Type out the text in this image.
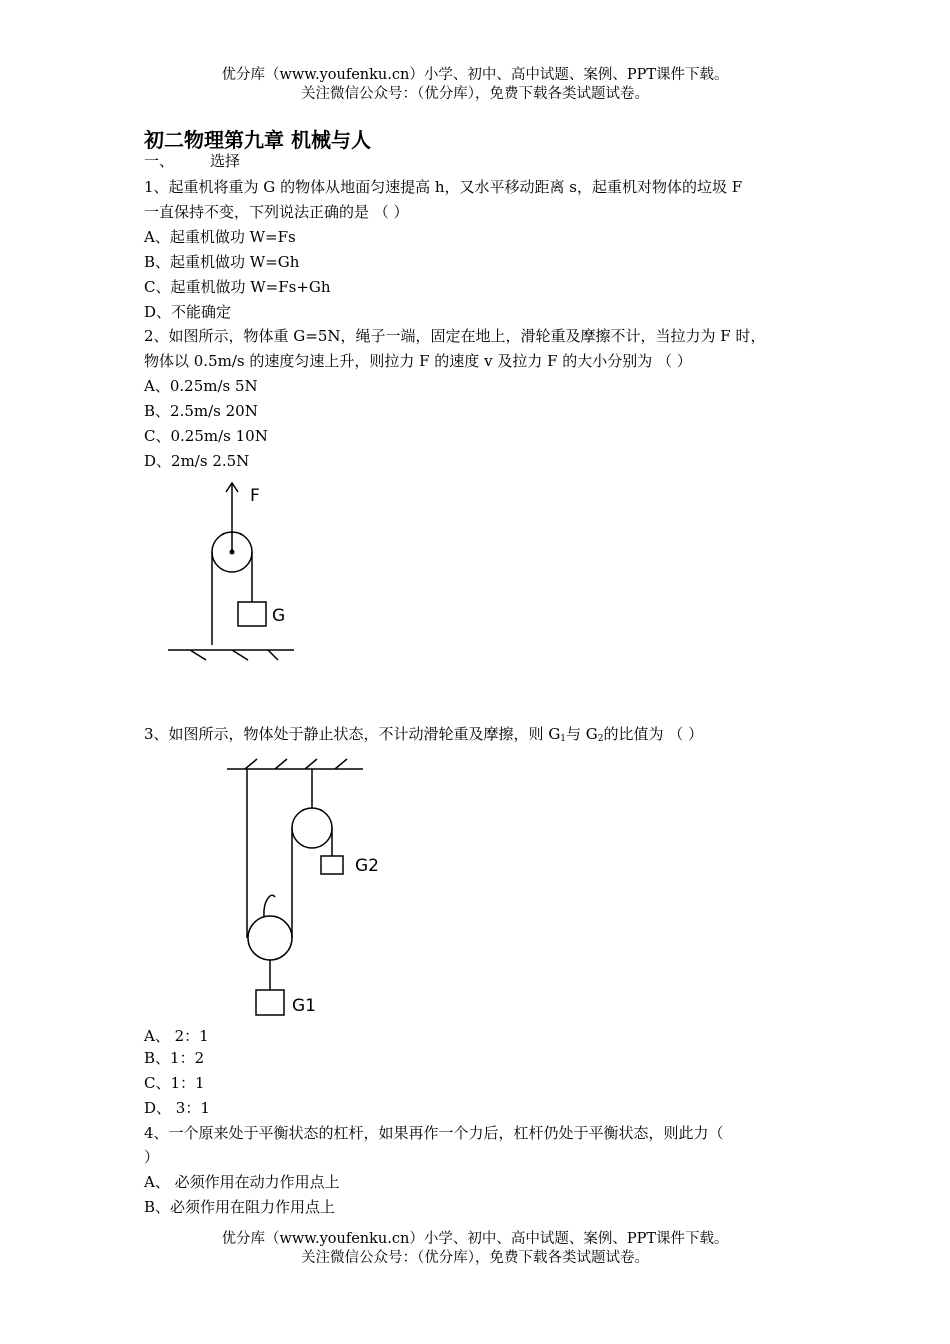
优分库（www.youfenku.cn）小学、初中、高中试题、案例、PPT课件下载。
关注微信公众号：（优分库），免费下载各类试题试卷。
初二物理第九章 机械与人
一、 选择
1、起重机将重为 G 的物体从地面匀速提高 h，又水平移动距离 s，起重机对物体的垃圾 F
一直保持不变，下列说法正确的是 （ ）
A、起重机做功 W=Fs
B、起重机做功 W=Gh
C、起重机做功 W=Fs+Gh
D、不能确定
2、如图所示，物体重 G=5N，绳子一端，固定在地上，滑轮重及摩擦不计，当拉力为 F 时，
物体以 0.5m/s 的速度匀速上升，则拉力 F 的速度 v 及拉力 F 的大小分别为 （ ）
A、0.25m/s 5N
B、2.5m/s 20N
C、0.25m/s 10N
D、2m/s 2.5N
F
G
3、如图所示，物体处于静止状态，不计动滑轮重及摩擦，则 $G_1$与 $G_2$的比值为 （ ）
G2
G1
A、 2：1
B、1：2
C、1：1
D、 3：1
4、一个原来处于平衡状态的杠杆，如果再作一个力后，杠杆仍处于平衡状态，则此力（
）
A、 必须作用在动力作用点上
B、必须作用在阻力作用点上
优分库（www.youfenku.cn）小学、初中、高中试题、案例、PPT课件下载。
关注微信公众号：（优分库），免费下载各类试题试卷。
